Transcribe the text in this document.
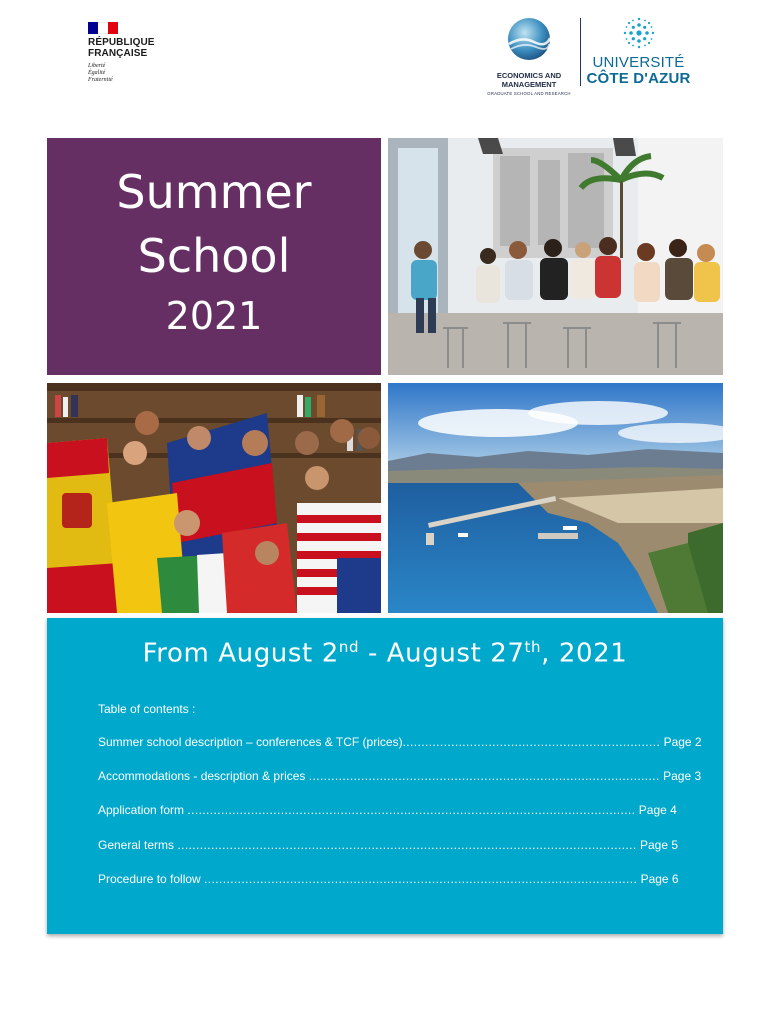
RÉPUBLIQUE
FRANÇAISE
Liberté
Égalité
Fraternité
ECONOMICS AND
MANAGEMENT
GRADUATE SCHOOL AND RESEARCH
UNIVERSITÉ
CÔTE D'AZUR
Summer
School
2021
From August 2nd - August 27th, 2021
Table of contents :
Summer school description – conferences & TCF (prices)..................................................................... Page 2
Accommodations - description & prices .............................................................................................. Page 3
Application form ........................................................................................................................ Page 4
General terms ........................................................................................................................... Page 5
Procedure to follow .................................................................................................................... Page 6
